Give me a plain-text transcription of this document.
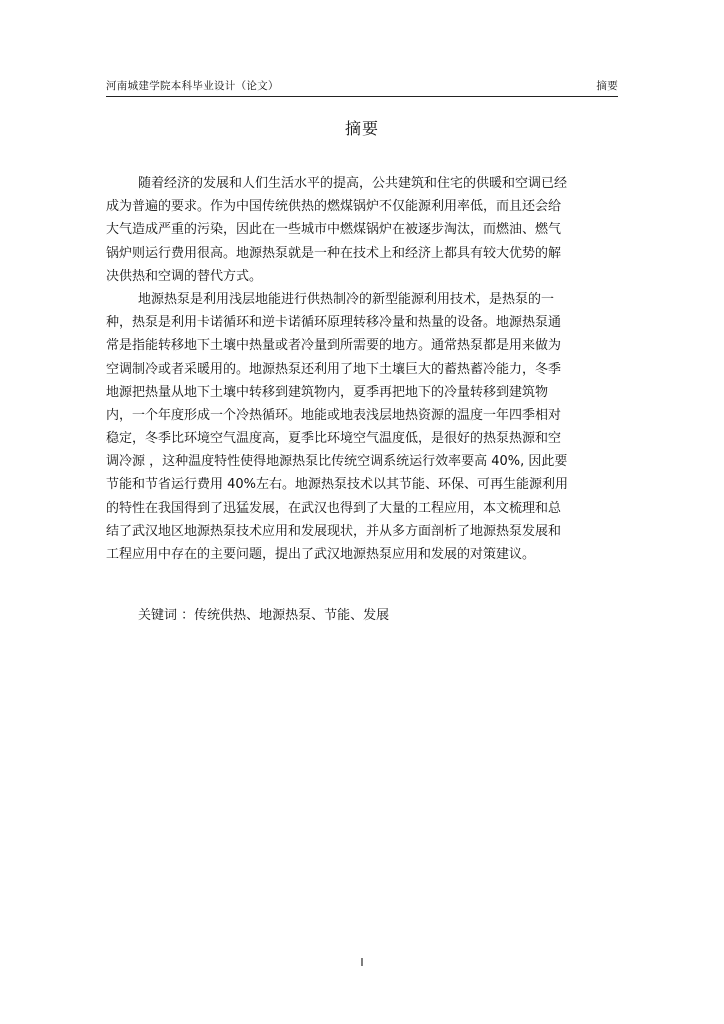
河南城建学院本科毕业设计（论文）	摘要
摘要
随着经济的发展和人们生活水平的提高，公共建筑和住宅的供暖和空调已经
成为普遍的要求。作为中国传统供热的燃煤锅炉不仅能源利用率低，而且还会给
大气造成严重的污染，因此在一些城市中燃煤锅炉在被逐步淘汰，而燃油、燃气
锅炉则运行费用很高。地源热泵就是一种在技术上和经济上都具有较大优势的解
决供热和空调的替代方式。
地源热泵是利用浅层地能进行供热制冷的新型能源利用技术，是热泵的一
种，热泵是利用卡诺循环和逆卡诺循环原理转移冷量和热量的设备。地源热泵通
常是指能转移地下土壤中热量或者冷量到所需要的地方。通常热泵都是用来做为
空调制冷或者采暖用的。地源热泵还利用了地下土壤巨大的蓄热蓄冷能力，冬季
地源把热量从地下土壤中转移到建筑物内，夏季再把地下的冷量转移到建筑物
内，一个年度形成一个冷热循环。地能或地表浅层地热资源的温度一年四季相对
稳定，冬季比环境空气温度高，夏季比环境空气温度低，是很好的热泵热源和空
调冷源 ，这种温度特性使得地源热泵比传统空调系统运行效率要高 40%, 因此要
节能和节省运行费用 40%左右。地源热泵技术以其节能、环保、可再生能源利用
的特性在我国得到了迅猛发展，在武汉也得到了大量的工程应用，本文梳理和总
结了武汉地区地源热泵技术应用和发展现状，并从多方面剖析了地源热泵发展和
工程应用中存在的主要问题，提出了武汉地源热泵应用和发展的对策建议。
关键词 ：传统供热、地源热泵、节能、发展
I
